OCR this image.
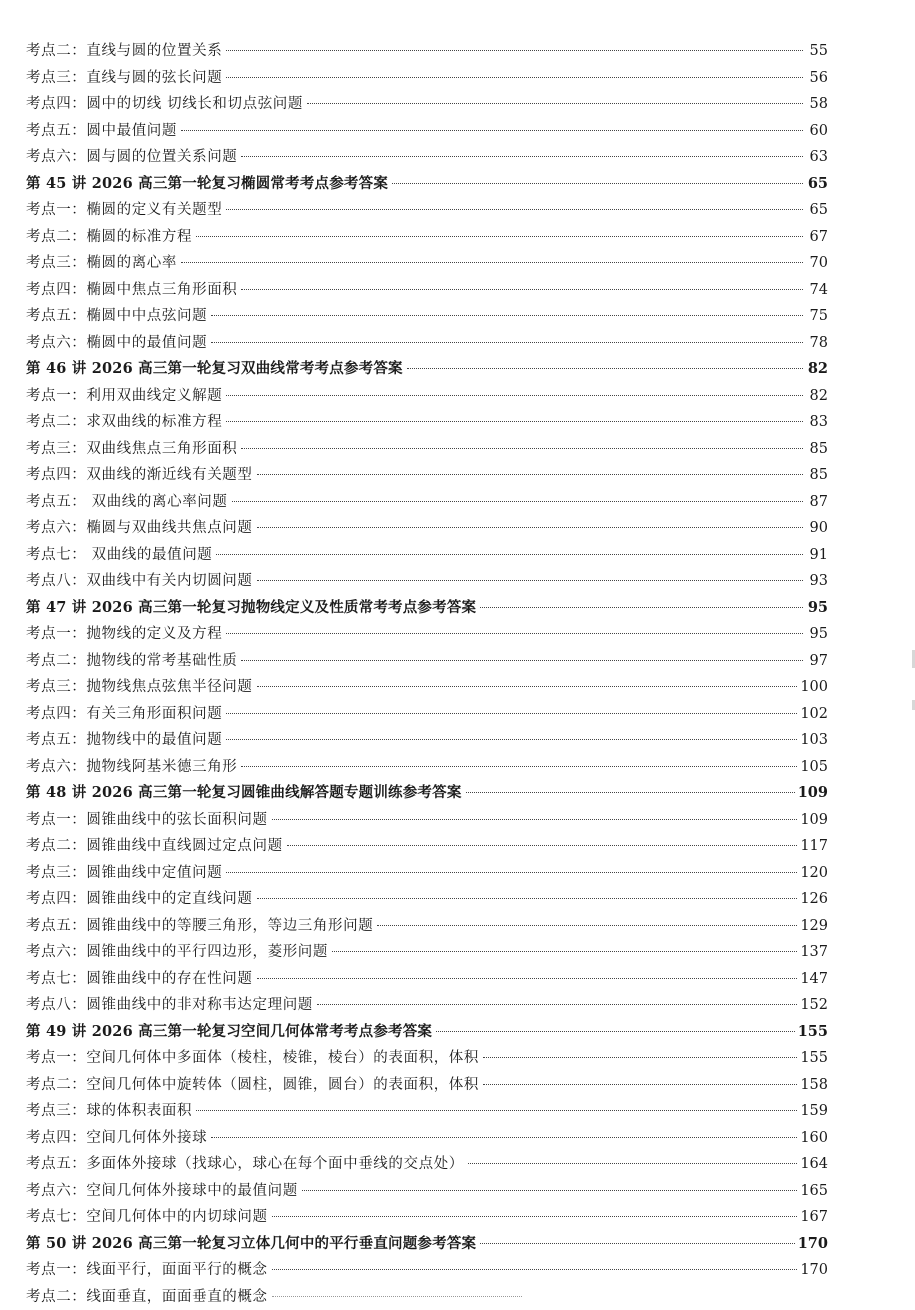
考点二：直线与圆的位置关系	55
考点三：直线与圆的弦长问题	56
考点四：圆中的切线 切线长和切点弦问题	58
考点五：圆中最值问题	60
考点六：圆与圆的位置关系问题	63
第 45 讲 2026 高三第一轮复习椭圆常考考点参考答案	65
考点一：椭圆的定义有关题型	65
考点二：椭圆的标准方程	67
考点三：椭圆的离心率	70
考点四：椭圆中焦点三角形面积	74
考点五：椭圆中中点弦问题	75
考点六：椭圆中的最值问题	78
第 46 讲 2026 高三第一轮复习双曲线常考考点参考答案	82
考点一：利用双曲线定义解题	82
考点二：求双曲线的标准方程	83
考点三：双曲线焦点三角形面积	85
考点四：双曲线的渐近线有关题型	85
考点五： 双曲线的离心率问题	87
考点六：椭圆与双曲线共焦点问题	90
考点七： 双曲线的最值问题	91
考点八：双曲线中有关内切圆问题	93
第 47 讲 2026 高三第一轮复习抛物线定义及性质常考考点参考答案	95
考点一：抛物线的定义及方程	95
考点二：抛物线的常考基础性质	97
考点三：抛物线焦点弦焦半径问题	100
考点四：有关三角形面积问题	102
考点五：抛物线中的最值问题	103
考点六：抛物线阿基米德三角形	105
第 48 讲 2026 高三第一轮复习圆锥曲线解答题专题训练参考答案	109
考点一：圆锥曲线中的弦长面积问题	109
考点二：圆锥曲线中直线圆过定点问题	117
考点三：圆锥曲线中定值问题	120
考点四：圆锥曲线中的定直线问题	126
考点五：圆锥曲线中的等腰三角形，等边三角形问题	129
考点六：圆锥曲线中的平行四边形，菱形问题	137
考点七：圆锥曲线中的存在性问题	147
考点八：圆锥曲线中的非对称韦达定理问题	152
第 49 讲 2026 高三第一轮复习空间几何体常考考点参考答案	155
考点一：空间几何体中多面体（棱柱，棱锥，棱台）的表面积，体积	155
考点二：空间几何体中旋转体（圆柱，圆锥，圆台）的表面积，体积	158
考点三：球的体积表面积	159
考点四：空间几何体外接球	160
考点五：多面体外接球（找球心，球心在每个面中垂线的交点处）	164
考点六：空间几何体外接球中的最值问题	165
考点七：空间几何体中的内切球问题	167
第 50 讲 2026 高三第一轮复习立体几何中的平行垂直问题参考答案	170
考点一：线面平行，面面平行的概念	170
考点二：线面垂直，面面垂直的概念
